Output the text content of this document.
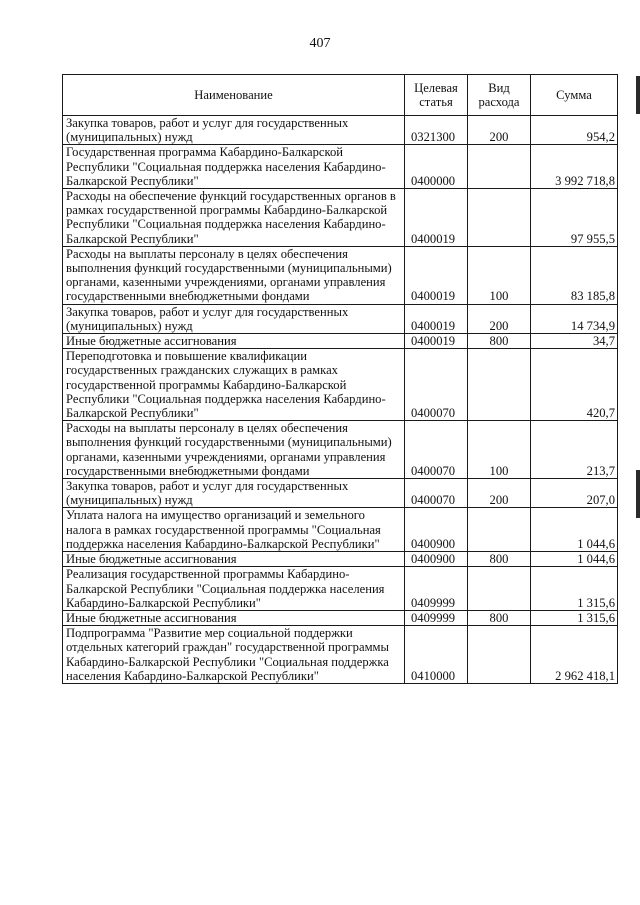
407
Наименование	Целевая статья	Вид расхода	Сумма
Закупка товаров, работ и услуг для государственных (муниципальных) нужд	0321300	200	954,2
Государственная программа Кабардино-Балкарской Республики "Социальная поддержка населения Кабардино-Балкарской Республики"	0400000		3 992 718,8
Расходы на обеспечение функций государственных органов в рамках государственной программы Кабардино-Балкарской Республики "Социальная поддержка населения Кабардино-Балкарской Республики"	0400019		97 955,5
Расходы на выплаты персоналу в целях обеспечения выполнения функций государственными (муниципальными) органами, казенными учреждениями, органами управления государственными внебюджетными фондами	0400019	100	83 185,8
Закупка товаров, работ и услуг для государственных (муниципальных) нужд	0400019	200	14 734,9
Иные бюджетные ассигнования	0400019	800	34,7
Переподготовка и повышение квалификации государственных гражданских служащих в рамках государственной программы Кабардино-Балкарской Республики "Социальная поддержка населения Кабардино-Балкарской Республики"	0400070		420,7
Расходы на выплаты персоналу в целях обеспечения выполнения функций государственными (муниципальными) органами, казенными учреждениями, органами управления государственными внебюджетными фондами	0400070	100	213,7
Закупка товаров, работ и услуг для государственных (муниципальных) нужд	0400070	200	207,0
Уплата налога на имущество организаций и земельного налога в рамках государственной программы "Социальная поддержка населения Кабардино-Балкарской Республики"	0400900		1 044,6
Иные бюджетные ассигнования	0400900	800	1 044,6
Реализация государственной программы Кабардино-Балкарской Республики "Социальная поддержка населения Кабардино-Балкарской Республики"	0409999		1 315,6
Иные бюджетные ассигнования	0409999	800	1 315,6
Подпрограмма "Развитие мер социальной поддержки отдельных категорий граждан" государственной программы Кабардино-Балкарской Республики "Социальная поддержка населения Кабардино-Балкарской Республики"	0410000		2 962 418,1
